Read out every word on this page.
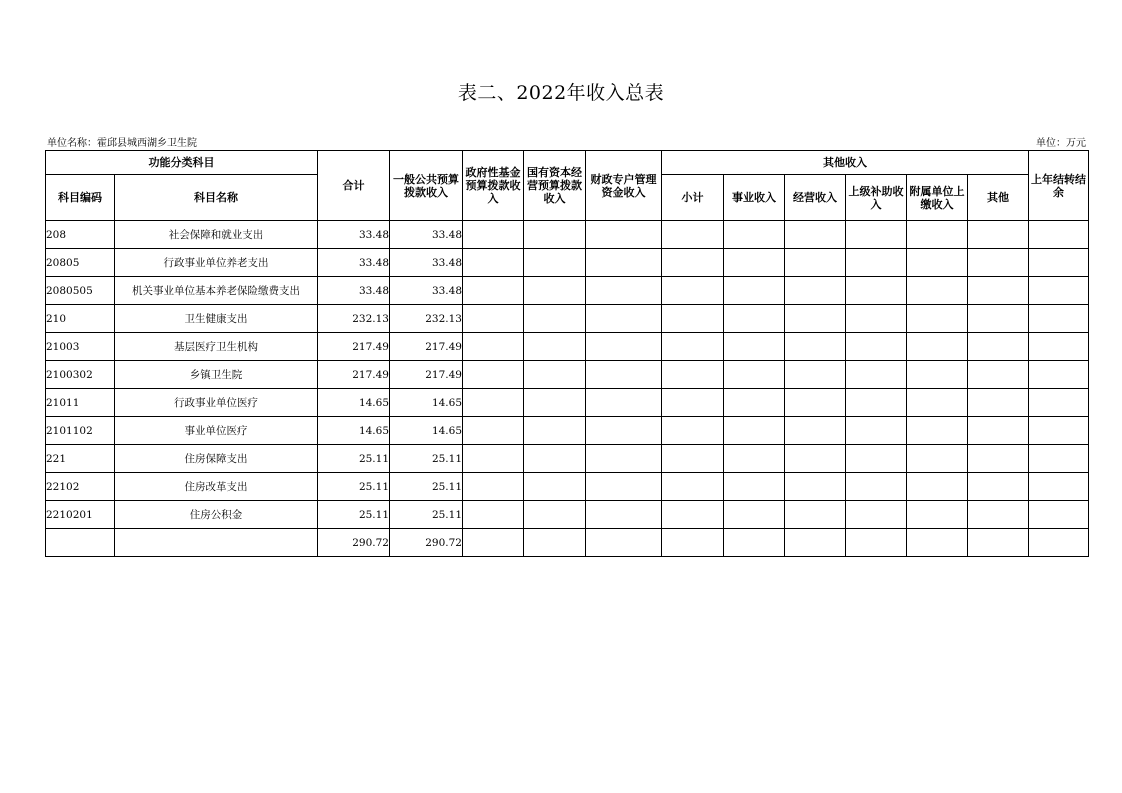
表二、2022年收入总表
单位名称：霍邱县城西湖乡卫生院	单位：万元
功能分类科目		合计	一般公共预算拨款收入	政府性基金预算拨款收入	国有资本经营预算拨款收入	财政专户管理资金收入	其他收入						上年结转结余
科目编码	科目名称						小计	事业收入	经营收入	上级补助收入	附属单位上缴收入	其他	
208	社会保障和就业支出	33.48	33.48										
20805	行政事业单位养老支出	33.48	33.48										
2080505	机关事业单位基本养老保险缴费支出	33.48	33.48										
210	卫生健康支出	232.13	232.13										
21003	基层医疗卫生机构	217.49	217.49										
2100302	乡镇卫生院	217.49	217.49										
21011	行政事业单位医疗	14.65	14.65										
2101102	事业单位医疗	14.65	14.65										
221	住房保障支出	25.11	25.11										
22102	住房改革支出	25.11	25.11										
2210201	住房公积金	25.11	25.11										
		290.72	290.72										
